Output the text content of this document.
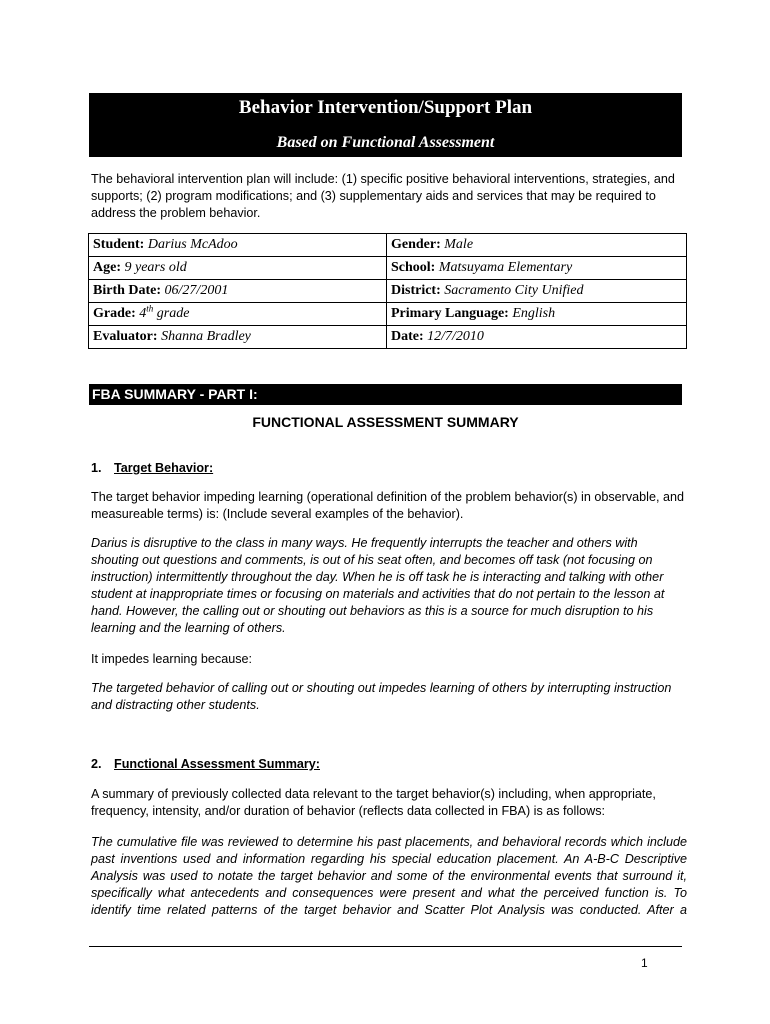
Behavior Intervention/Support Plan
Based on Functional Assessment
The behavioral intervention plan will include: (1) specific positive behavioral interventions, strategies, and supports; (2) program modifications; and (3) supplementary aids and services that may be required to address the problem behavior.
Student: Darius McAdoo	Gender: Male
Age: 9 years old	School: Matsuyama Elementary
Birth Date: 06/27/2001	District: Sacramento City Unified
Grade: 4th grade	Primary Language: English
Evaluator: Shanna Bradley	Date: 12/7/2010
FBA SUMMARY - PART I:
FUNCTIONAL ASSESSMENT SUMMARY
1. Target Behavior:
The target behavior impeding learning (operational definition of the problem behavior(s) in observable, and measureable terms) is: (Include several examples of the behavior).
Darius is disruptive to the class in many ways. He frequently interrupts the teacher and others with shouting out questions and comments, is out of his seat often, and becomes off task (not focusing on instruction) intermittently throughout the day. When he is off task he is interacting and talking with other student at inappropriate times or focusing on materials and activities that do not pertain to the lesson at hand. However, the calling out or shouting out behaviors as this is a source for much disruption to his learning and the learning of others.
It impedes learning because:
The targeted behavior of calling out or shouting out impedes learning of others by interrupting instruction and distracting other students.
2. Functional Assessment Summary:
A summary of previously collected data relevant to the target behavior(s) including, when appropriate, frequency, intensity, and/or duration of behavior (reflects data collected in FBA) is as follows:
The cumulative file was reviewed to determine his past placements, and behavioral records which include
past inventions used and information regarding his special education placement. An A-B-C Descriptive
Analysis was used to notate the target behavior and some of the environmental events that surround it,
specifically what antecedents and consequences were present and what the perceived function is. To
identify time related patterns of the target behavior and Scatter Plot Analysis was conducted. After a
1
